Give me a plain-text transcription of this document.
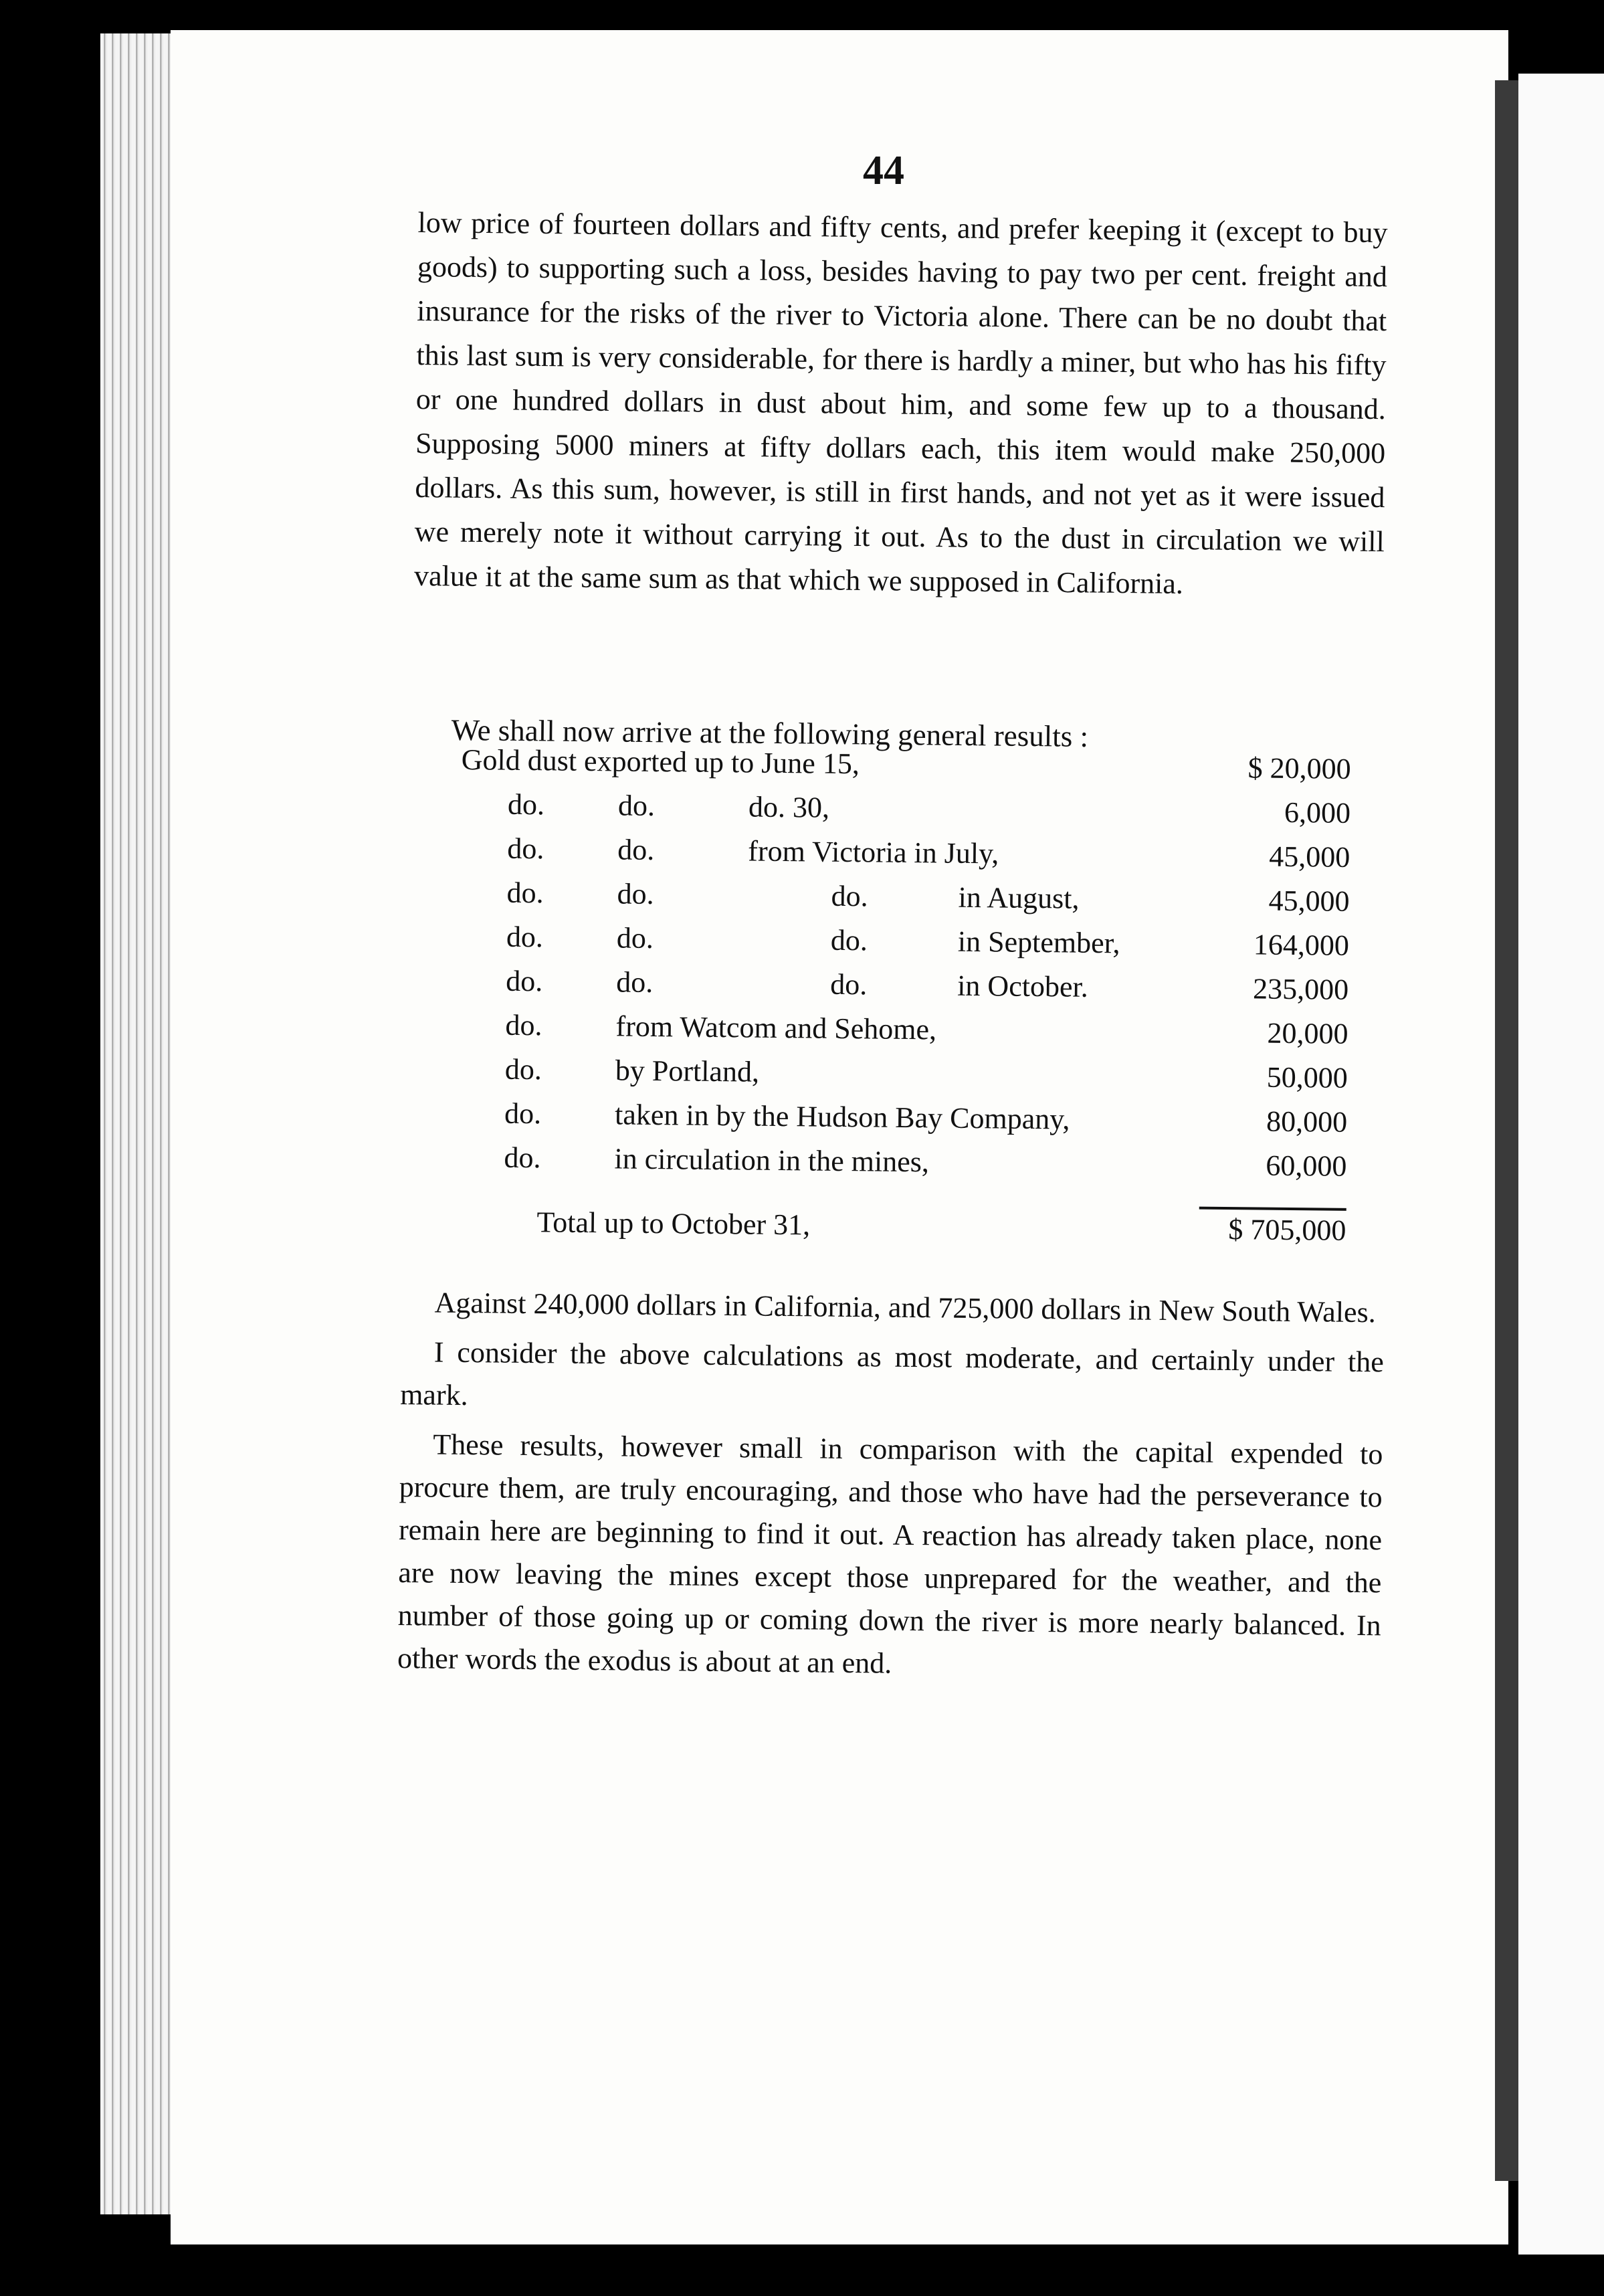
44

low price of fourteen dollars and fifty cents, and prefer keeping it (except to buy goods) to supporting such a loss, besides having to pay two per cent. freight and insurance for the risks of the river to Victoria alone. There can be no doubt that this last sum is very considerable, for there is hardly a miner, but who has his fifty or one hundred dollars in dust about him, and some few up to a thousand. Supposing 5000 miners at fifty dollars each, this item would make 250,000 dollars. As this sum, however, is still in first hands, and not yet as it were issued we merely note it without carrying it out. As to the dust in circulation we will value it at the same sum as that which we supposed in California.

We shall now arrive at the following general results :
Gold dust exported up to June 15,	$ 20,000
do. do.	do. 30,	6,000
do. do.	from Victoria in July,	45,000
do. do.	do.	in August,	45,000
do. do.	do.	in September,	164,000
do. do.	do.	in October.	235,000
do. from Watcom and Sehome,	20,000
do. by Portland,	50,000
do. taken in by the Hudson Bay Company,	80,000
do. in circulation in the mines,	60,000
Total up to October 31,	$ 705,000

Against 240,000 dollars in California, and 725,000 dollars in New South Wales.

I consider the above calculations as most moderate, and certainly under the mark.

These results, however small in comparison with the capital expended to procure them, are truly encouraging, and those who have had the perseverance to remain here are beginning to find it out. A reaction has already taken place, none are now leaving the mines except those unprepared for the weather, and the number of those going up or coming down the river is more nearly balanced. In other words the exodus is about at an end.
